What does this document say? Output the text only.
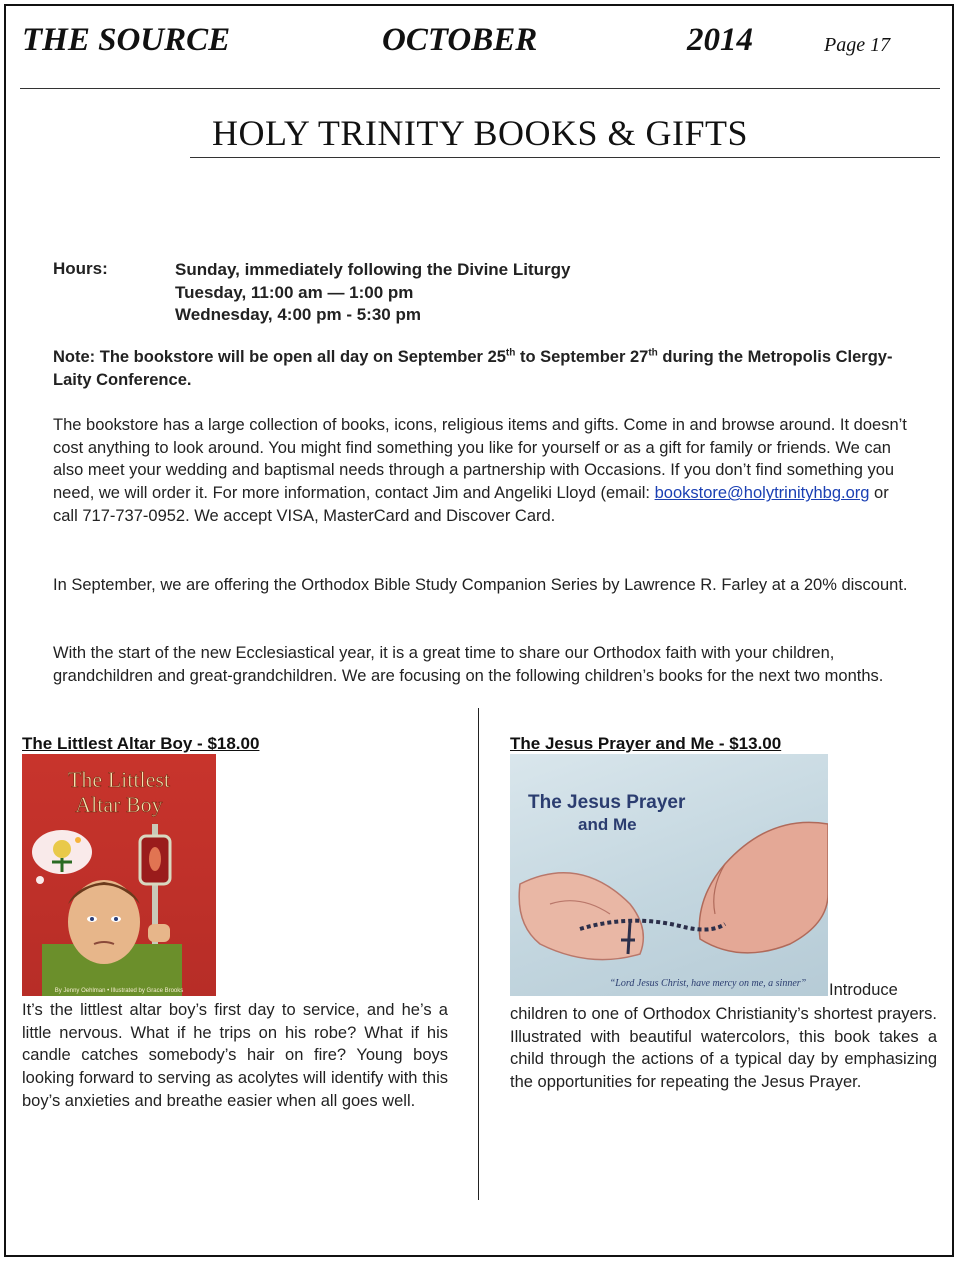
THE SOURCE	OCTOBER	2014	Page 17
HOLY TRINITY BOOKS & GIFTS
Hours:	Sunday, immediately following the Divine Liturgy
Tuesday, 11:00 am — 1:00 pm
Wednesday, 4:00 pm - 5:30 pm
Note: The bookstore will be open all day on September 25th to September 27th during the Metropolis Clergy-Laity Conference.
The bookstore has a large collection of books, icons, religious items and gifts. Come in and browse around. It doesn’t cost anything to look around. You might find something you like for yourself or as a gift for family or friends. We can also meet your wedding and baptismal needs through a partnership with Occasions. If you don’t find something you need, we will order it. For more information, contact Jim and Angeliki Lloyd (email: bookstore@holytrinityhbg.org or call 717-737-0952. We accept VISA, MasterCard and Discover Card.
In September, we are offering the Orthodox Bible Study Companion Series by Lawrence R. Farley at a 20% discount.
With the start of the new Ecclesiastical year, it is a great time to share our Orthodox faith with your children, grandchildren and great-grandchildren. We are focusing on the following children’s books for the next two months.
The Littlest Altar Boy - $18.00
The Littlest
Altar Boy
By Jenny Oehlman • Illustrated by Grace Brooks
It’s the littlest altar boy’s first day to service, and he’s a little nervous. What if he trips on his robe? What if his candle catches somebody’s hair on fire? Young boys looking forward to serving as acolytes will identify with this boy’s anxieties and breathe easier when all goes well.
The Jesus Prayer and Me - $13.00
The Jesus Prayer
and Me
“Lord Jesus Christ, have mercy on me, a sinner” Introduce
children to one of Orthodox Christianity’s shortest prayers. Illustrated with beautiful watercolors, this book takes a child through the actions of a typical day by emphasizing the opportunities for repeating the Jesus Prayer.
